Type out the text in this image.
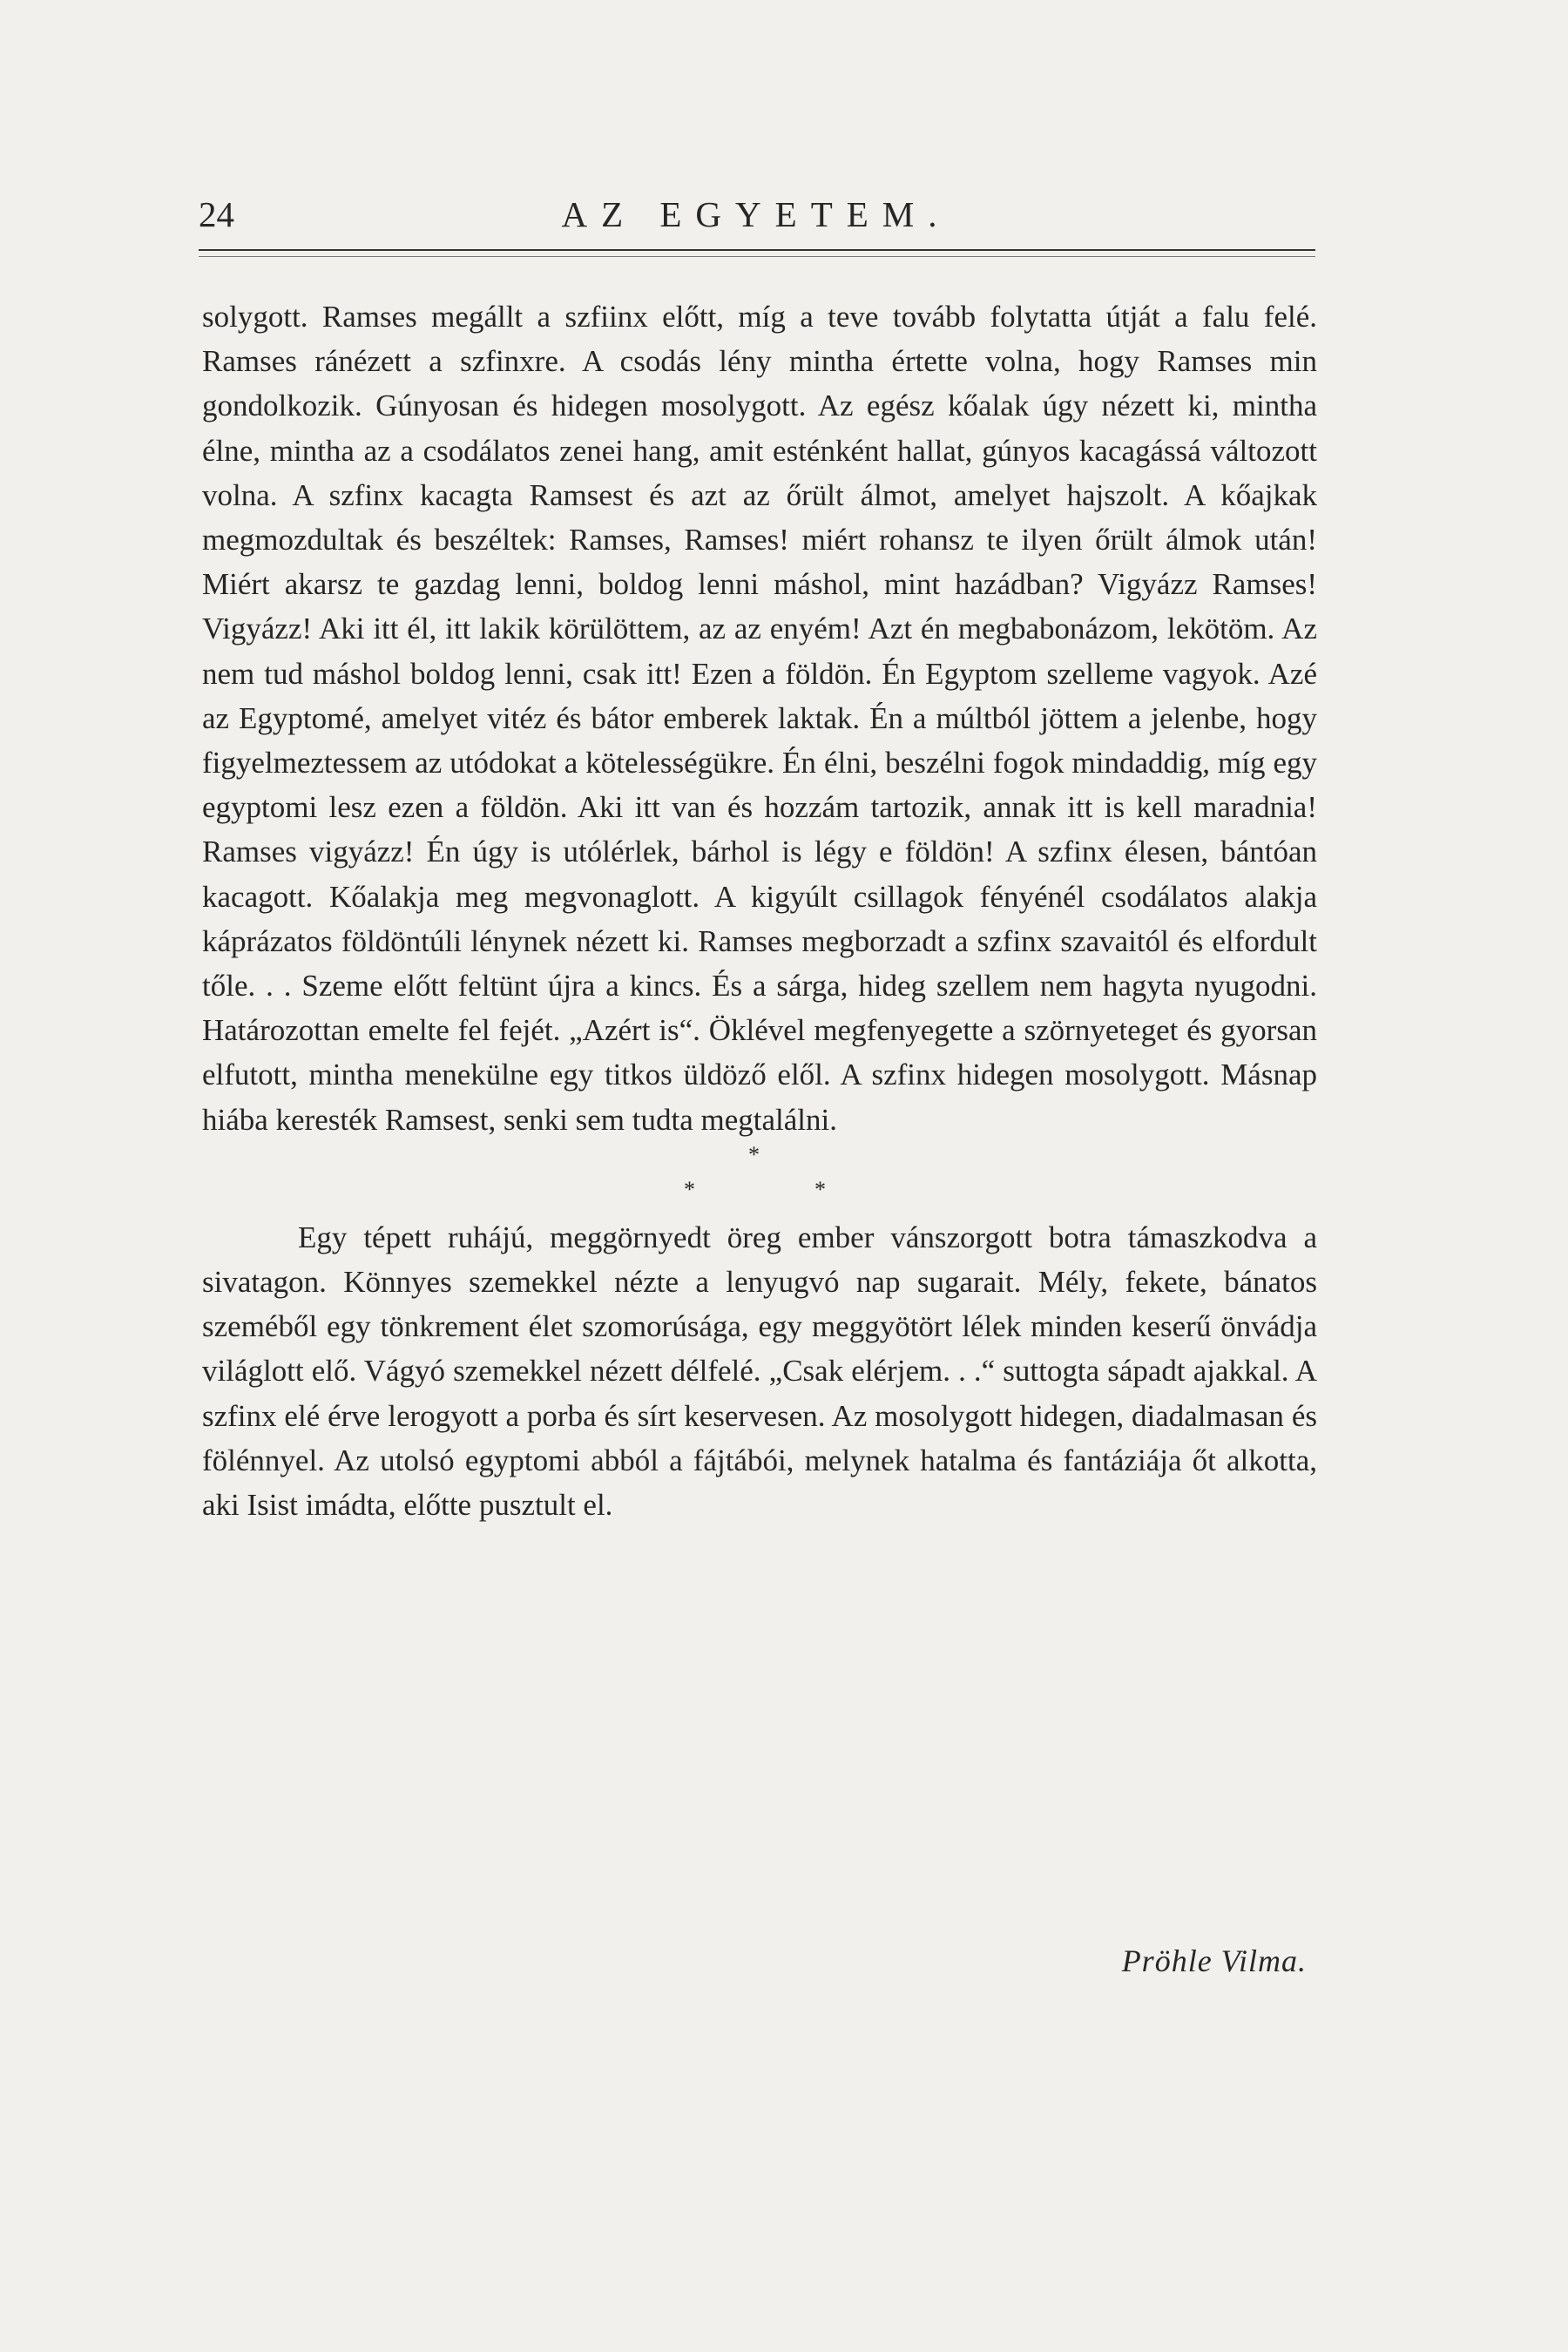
24	AZ EGYETEM.

solygott. Ramses megállt a szfiinx előtt, míg a teve tovább folytatta útját a falu felé. Ramses ránézett a szfinxre. A csodás lény mintha értette volna, hogy Ramses min gondolkozik. Gúnyosan és hidegen mosolygott. Az egész kőalak úgy nézett ki, mintha élne, mintha az a csodálatos zenei hang, amit esténként hallat, gúnyos kacagássá változott volna. A szfinx kacagta Ramsest és azt az őrült álmot, amelyet hajszolt. A kőajkak megmozdultak és beszéltek: Ramses, Ramses! miért rohansz te ilyen őrült álmok után! Miért akarsz te gazdag lenni, boldog lenni máshol, mint hazádban? Vigyázz Ramses! Vigyázz! Aki itt él, itt lakik körülöttem, az az enyém! Azt én megbabonázom, lekötöm. Az nem tud máshol boldog lenni, csak itt! Ezen a földön. Én Egyptom szelleme vagyok. Azé az Egyptomé, amelyet vitéz és bátor emberek laktak. Én a múltból jöttem a jelenbe, hogy figyelmeztessem az utódokat a kötelességükre. Én élni, beszélni fogok mindaddig, míg egy egyptomi lesz ezen a földön. Aki itt van és hozzám tartozik, annak itt is kell maradnia! Ramses vigyázz! Én úgy is utólérlek, bárhol is légy e földön! A szfinx élesen, bántóan kacagott. Kőalakja meg megvonaglott. A kigyúlt csillagok fényénél csodálatos alakja káprázatos földöntúli lénynek nézett ki. Ramses megborzadt a szfinx szavaitól és elfordult tőle. . . Szeme előtt feltünt újra a kincs. És a sárga, hideg szellem nem hagyta nyugodni. Határozottan emelte fel fejét. „Azért is“. Öklével megfenyegette a szörnyeteget és gyorsan elfutott, mintha menekülne egy titkos üldöző elől. A szfinx hidegen mosolygott. Másnap hiába keresték Ramsest, senki sem tudta megtalálni.

*
*	*

Egy tépett ruhájú, meggörnyedt öreg ember vánszorgott botra támaszkodva a sivatagon. Könnyes szemekkel nézte a lenyugvó nap sugarait. Mély, fekete, bánatos szeméből egy tönkrement élet szomorúsága, egy meggyötört lélek minden keserű önvádja világlott elő. Vágyó szemekkel nézett délfelé. „Csak elérjem. . .“ suttogta sápadt ajakkal. A szfinx elé érve lerogyott a porba és sírt keservesen. Az mosolygott hidegen, diadalmasan és fölénnyel. Az utolsó egyptomi abból a fájtábói, melynek hatalma és fantáziája őt alkotta, aki Isist imádta, előtte pusztult el.

Pröhle Vilma.
